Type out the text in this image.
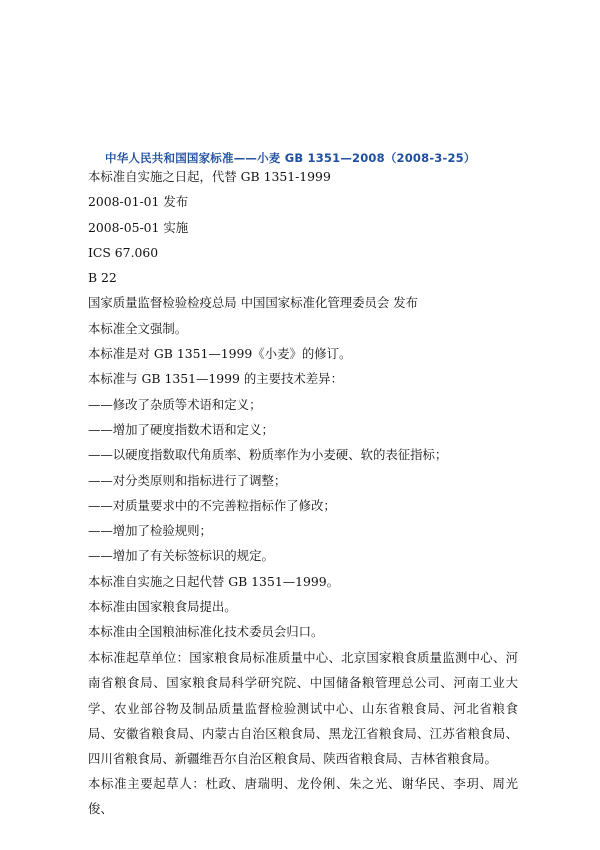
中华人民共和国国家标准——小麦 GB 1351—2008（2008-3-25）
本标准自实施之日起，代替 GB 1351-1999
2008-01-01 发布
2008-05-01 实施
ICS 67.060
B 22
国家质量监督检验检疫总局 中国国家标准化管理委员会 发布
本标准全文强制。
本标准是对 GB 1351—1999《小麦》的修订。
本标准与 GB 1351—1999 的主要技术差异：
——修改了杂质等术语和定义；
——增加了硬度指数术语和定义；
——以硬度指数取代角质率、粉质率作为小麦硬、软的表征指标；
——对分类原则和指标进行了调整；
——对质量要求中的不完善粒指标作了修改；
——增加了检验规则；
——增加了有关标签标识的规定。
本标准自实施之日起代替 GB 1351—1999。
本标准由国家粮食局提出。
本标准由全国粮油标准化技术委员会归口。

本标准起草单位：国家粮食局标准质量中心、北京国家粮食质量监测中心、河南省粮食局、国家粮食局科学研究院、中国储备粮管理总公司、河南工业大学、农业部谷物及制品质量监督检验测试中心、山东省粮食局、河北省粮食局、安徽省粮食局、内蒙古自治区粮食局、黑龙江省粮食局、江苏省粮食局、四川省粮食局、新疆维吾尔自治区粮食局、陕西省粮食局、吉林省粮食局。

本标准主要起草人：杜政、唐瑞明、龙伶俐、朱之光、谢华民、李玥、周光俊、
